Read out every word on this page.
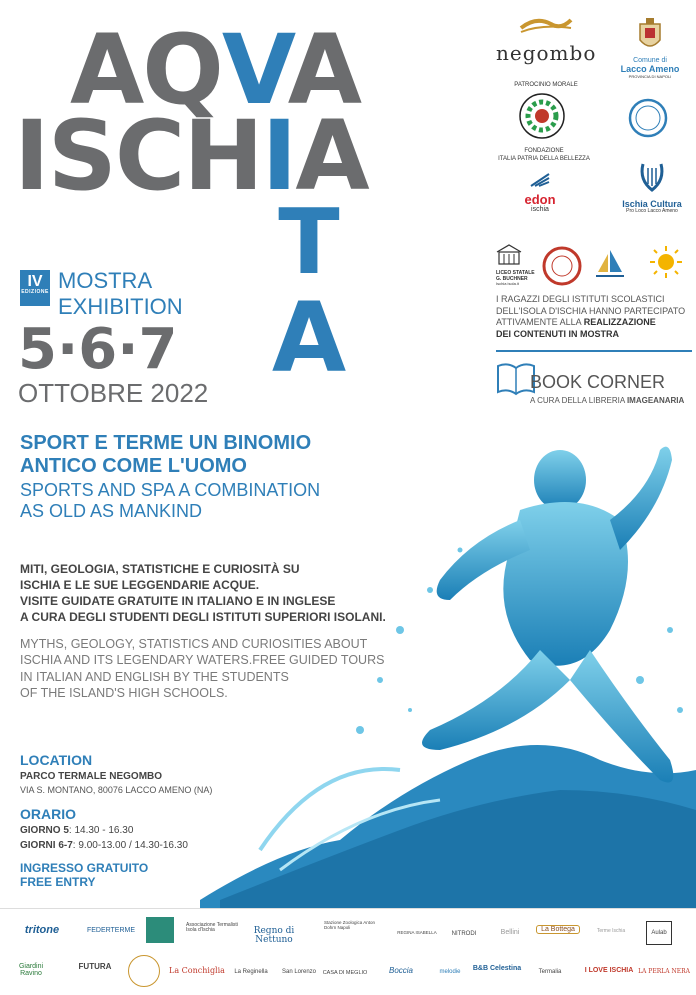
AQVA
ISCHIA
T
A
IV
EDIZIONE MOSTRA
EXHIBITION
5·6·7
OTTOBRE 2022
negombo	Comune di
Lacco Ameno
PROVINCIA DI NAPOLI
PATROCINIO MORALE
FONDAZIONE
ITALIA PATRIA DELLA BELLEZZA
edon
ischia
Ischia Cultura
Pro Loco Lacco Ameno
LICEO STATALE
G. BUCHNER
Ischia isola.it
I RAGAZZI DEGLI ISTITUTI SCOLASTICI
DELL'ISOLA D'ISCHIA HANNO PARTECIPATO
ATTIVAMENTE ALLA REALIZZAZIONE
DEI CONTENUTI IN MOSTRA
BOOK CORNER
A CURA DELLA LIBRERIA IMAGEANARIA
SPORT E TERME UN BINOMIO
ANTICO COME L'UOMO
SPORTS AND SPA A COMBINATION
AS OLD AS MANKIND
MITI, GEOLOGIA, STATISTICHE E CURIOSITÀ SU
ISCHIA E LE SUE LEGGENDARIE ACQUE.
VISITE GUIDATE GRATUITE IN ITALIANO E IN INGLESE
A CURA DEGLI STUDENTI DEGLI ISTITUTI SUPERIORI ISOLANI.
MYTHS, GEOLOGY, STATISTICS AND CURIOSITIES ABOUT
ISCHIA AND ITS LEGENDARY WATERS.FREE GUIDED TOURS
IN ITALIAN AND ENGLISH BY THE STUDENTS
OF THE ISLAND'S HIGH SCHOOLS.
LOCATION
PARCO TERMALE NEGOMBO
VIA S. MONTANO, 80076 LACCO AMENO (NA)
ORARIO
GIORNO 5: 14.30 - 16.30
GIORNI 6-7: 9.00-13.00 / 14.30-16.30
INGRESSO GRATUITO
FREE ENTRY
tritone	FEDERTERME
Associazione Termalisti Isola d'Ischia	Regno di Nettuno
Stazione Zoologica Anton Dohrn Napoli
REGINA ISABELLA	NITRODI	Bellini	La Bottega	Terme Ischia	Aulab
Giardini Ravino
FUTURA	La Conchiglia	La Reginella	San Lorenzo	CASA DI MEGLIO	Boccia	melodie	B&B Celestina	Termalia	I LOVE ISCHIA LA PERLA NERA
